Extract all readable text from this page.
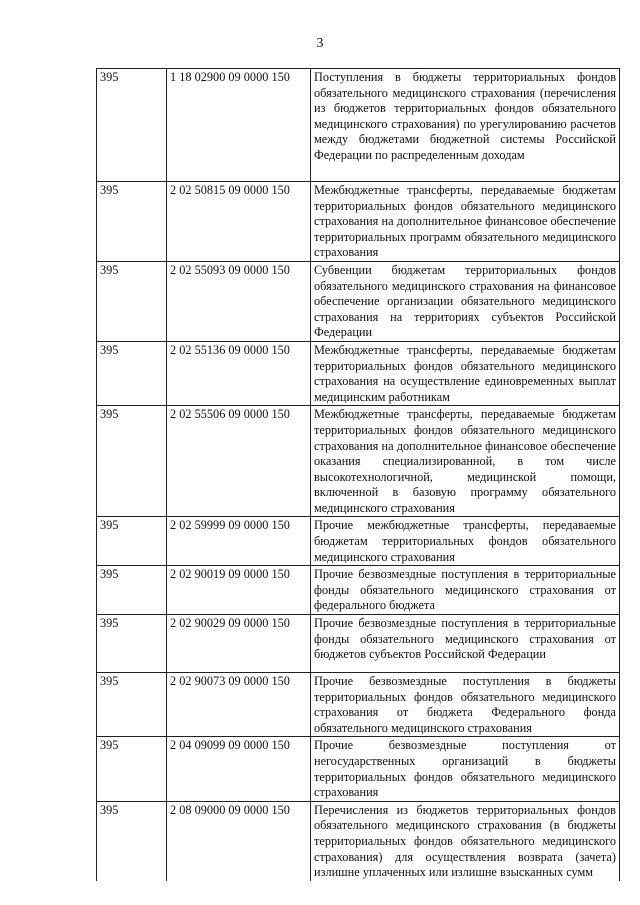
3
395	1 18 02900 09 0000 150	Поступления в бюджеты территориальных фондов обязательного медицинского страхования (перечисления из бюджетов территориальных фондов обязательного медицинского страхования) по урегулированию расчетов между бюджетами бюджетной системы Российской Федерации по распределенным доходам
395	2 02 50815 09 0000 150	Межбюджетные трансферты, передаваемые бюджетам территориальных фондов обязательного медицинского страхования на дополнительное финансовое обеспечение территориальных программ обязательного медицинского страхования
395	2 02 55093 09 0000 150	Субвенции бюджетам территориальных фондов обязательного медицинского страхования на финансовое обеспечение организации обязательного медицинского страхования на территориях субъектов Российской Федерации
395	2 02 55136 09 0000 150	Межбюджетные трансферты, передаваемые бюджетам территориальных фондов обязательного медицинского страхования на осуществление единовременных выплат медицинским работникам
395	2 02 55506 09 0000 150	Межбюджетные трансферты, передаваемые бюджетам территориальных фондов обязательного медицинского страхования на дополнительное финансовое обеспечение оказания специализированной, в том числе высокотехнологичной, медицинской помощи, включенной в базовую программу обязательного медицинского страхования
395	2 02 59999 09 0000 150	Прочие межбюджетные трансферты, передаваемые бюджетам территориальных фондов обязательного медицинского страхования
395	2 02 90019 09 0000 150	Прочие безвозмездные поступления в территориальные фонды обязательного медицинского страхования от федерального бюджета
395	2 02 90029 09 0000 150	Прочие безвозмездные поступления в территориальные фонды обязательного медицинского страхования от бюджетов субъектов Российской Федерации
395	2 02 90073 09 0000 150	Прочие безвозмездные поступления в бюджеты территориальных фондов обязательного медицинского страхования от бюджета Федерального фонда обязательного медицинского страхования
395	2 04 09099 09 0000 150	Прочие безвозмездные поступления от негосударственных организаций в бюджеты территориальных фондов обязательного медицинского страхования
395	2 08 09000 09 0000 150	Перечисления из бюджетов территориальных фондов обязательного медицинского страхования (в бюджеты территориальных фондов обязательного медицинского страхования) для осуществления возврата (зачета) излишне уплаченных или излишне взысканных сумм
